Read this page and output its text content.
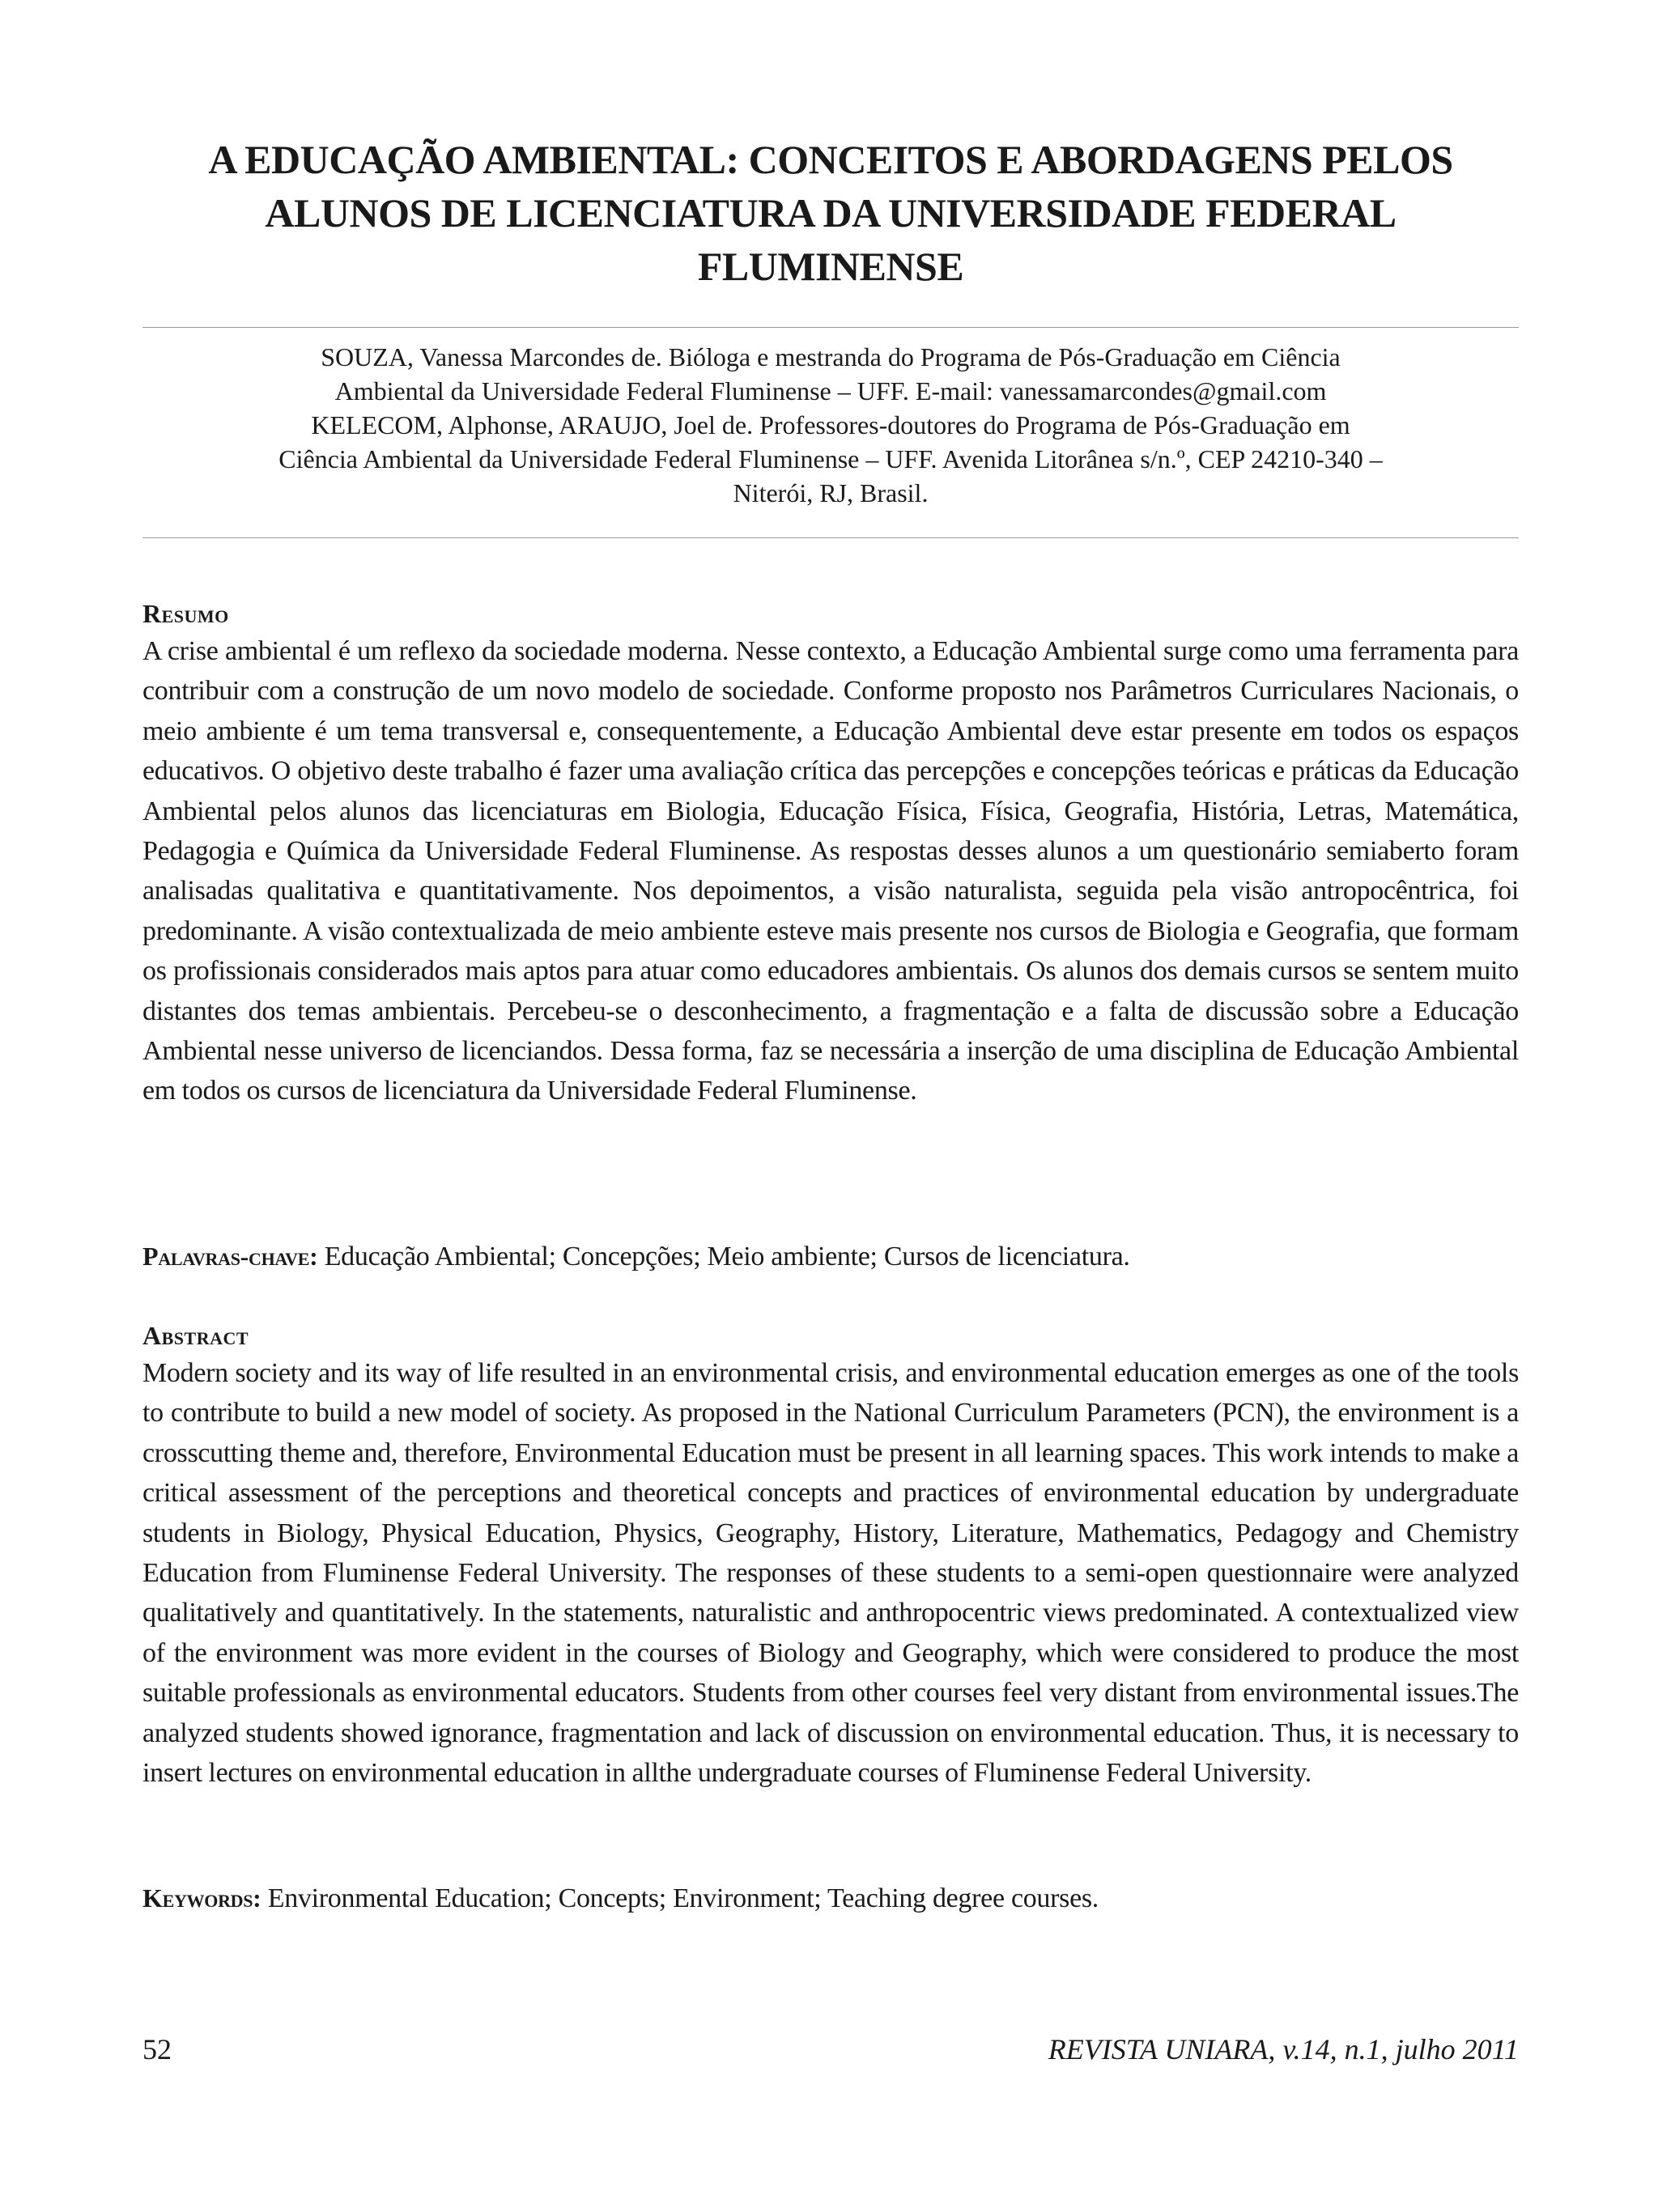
A EDUCAÇÃO AMBIENTAL: CONCEITOS E ABORDAGENS PELOS
ALUNOS DE LICENCIATURA DA UNIVERSIDADE FEDERAL
FLUMINENSE
SOUZA, Vanessa Marcondes de. Bióloga e mestranda do Programa de Pós-Graduação em Ciência
Ambiental da Universidade Federal Fluminense – UFF. E-mail: vanessamarcondes@gmail.com
KELECOM, Alphonse, ARAUJO, Joel de. Professores-doutores do Programa de Pós-Graduação em
Ciência Ambiental da Universidade Federal Fluminense – UFF. Avenida Litorânea s/n.º, CEP 24210-340 –
Niterói, RJ, Brasil.
Resumo

A crise ambiental é um reflexo da sociedade moderna. Nesse contexto, a Educação Ambiental surge como uma ferramenta para contribuir com a construção de um novo modelo de sociedade. Conforme proposto nos Parâmetros Curriculares Nacionais, o meio ambiente é um tema transversal e, consequentemente, a Educação Ambiental deve estar presente em todos os espaços educativos. O objetivo deste trabalho é fazer uma avaliação crítica das percepções e concepções teóricas e práticas da Educação Ambiental pelos alunos das licenciaturas em Biologia, Educação Física, Física, Geografia, História, Letras, Matemática, Pedagogia e Química da Universidade Federal Fluminense. As respostas desses alunos a um questionário semiaberto foram analisadas qualitativa e quantitativamente. Nos depoimentos, a visão naturalista, seguida pela visão antropocêntrica, foi predominante. A visão contextualizada de meio ambiente esteve mais presente nos cursos de Biologia e Geografia, que formam os profissionais considerados mais aptos para atuar como educadores ambientais. Os alunos dos demais cursos se sentem muito distantes dos temas ambientais. Percebeu-se o desconhecimento, a fragmentação e a falta de discussão sobre a Educação Ambiental nesse universo de licenciandos. Dessa forma, faz se necessária a inserção de uma disciplina de Educação Ambiental em todos os cursos de licenciatura da Universidade Federal Fluminense.

Palavras-chave: Educação Ambiental; Concepções; Meio ambiente; Cursos de licenciatura.
Abstract

Modern society and its way of life resulted in an environmental crisis, and environmental education emerges as one of the tools to contribute to build a new model of society. As proposed in the National Curriculum Parameters (PCN), the environment is a crosscutting theme and, therefore, Environmental Education must be present in all learning spaces. This work intends to make a critical assessment of the perceptions and theoretical concepts and practices of environmental education by undergraduate students in Biology, Physical Education, Physics, Geography, History, Literature, Mathematics, Pedagogy and Chemistry Education from Fluminense Federal University. The responses of these students to a semi-open questionnaire were analyzed qualitatively and quantitatively. In the statements, naturalistic and anthropocentric views predominated. A contextualized view of the environment was more evident in the courses of Biology and Geography, which were considered to produce the most suitable professionals as environmental educators. Students from other courses feel very distant from environmental issues.The analyzed students showed ignorance, fragmentation and lack of discussion on environmental education. Thus, it is necessary to insert lectures on environmental education in allthe undergraduate courses of Fluminense Federal University.

Keywords: Environmental Education; Concepts; Environment; Teaching degree courses.
52	REVISTA UNIARA, v.14, n.1, julho 2011
